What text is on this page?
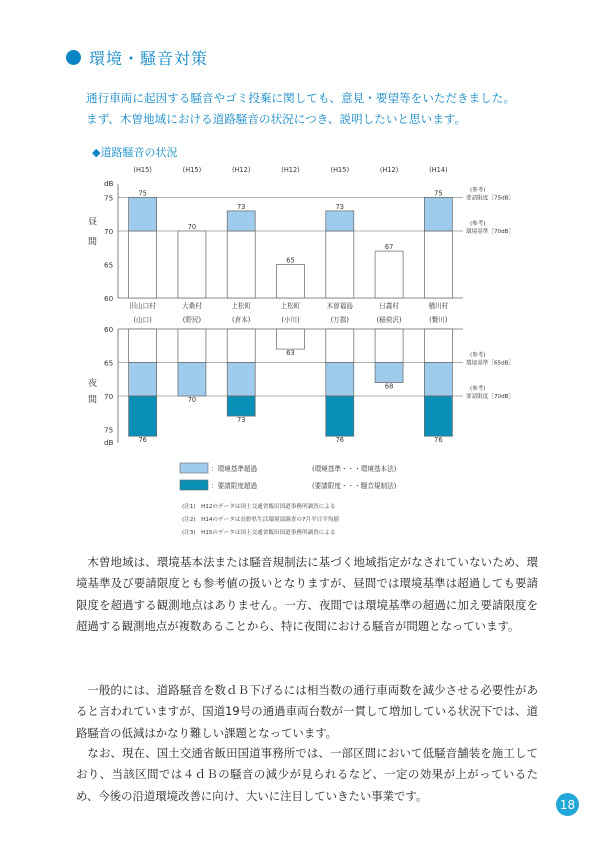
環境・騒音対策

通行車両に起因する騒音やゴミ投棄に関しても、意見・要望等をいただきました。

まず、木曽地域における道路騒音の状況につき、説明したいと思います。

◆道路騒音の状況
dB
75
70
65
60
昼
間
(参考)
要請限度［75dB］
(参考)
環境基準［70dB］
(H15)
75
旧山口村
(山口)
(H15)
70
大桑村
(野尻)
(H12)
73
上松町
(倉本)
(H12)
65
上松町
(小川)
(H15)
73
木曽福島
(万郡)
(H12)
67
日義村
(稲荷沢)
(H14)
75
楢川村
(贄川)
60
65
70
75
dB
夜
間
(参考)
環境基準［65dB］
(参考)
要請限度［70dB］
76
70
73
63
76
68
76
：環境基準超過	(環境基準・・・環境基本法)
：要請限度超過	(要請限度・・・騒音規制法)
(注1)　H12のデータは国土交通省飯田国道事務所調査による
(注2)　H14のデータは長野県生活環境部調査の7月平日平均値
(注3)　H15のデータは国土交通省飯田国道事務所調査による

木曽地域は、環境基本法または騒音規制法に基づく地域指定がなされていないため、環境基準及び要請限度とも参考値の扱いとなりますが、昼間では環境基準は超過しても要請限度を超過する観測地点はありません。一方、夜間では環境基準の超過に加え要請限度を超過する観測地点が複数あることから、特に夜間における騒音が問題となっています。

一般的には、道路騒音を数ｄＢ下げるには相当数の通行車両数を減少させる必要性があると言われていますが、国道19号の通過車両台数が一貫して増加している状況下では、道路騒音の低減はかなり難しい課題となっています。

なお、現在、国土交通省飯田国道事務所では、一部区間において低騒音舗装を施工しており、当該区間では４ｄＢの騒音の減少が見られるなど、一定の効果が上がっているため、今後の沿道環境改善に向け、大いに注目していきたい事業です。

18
